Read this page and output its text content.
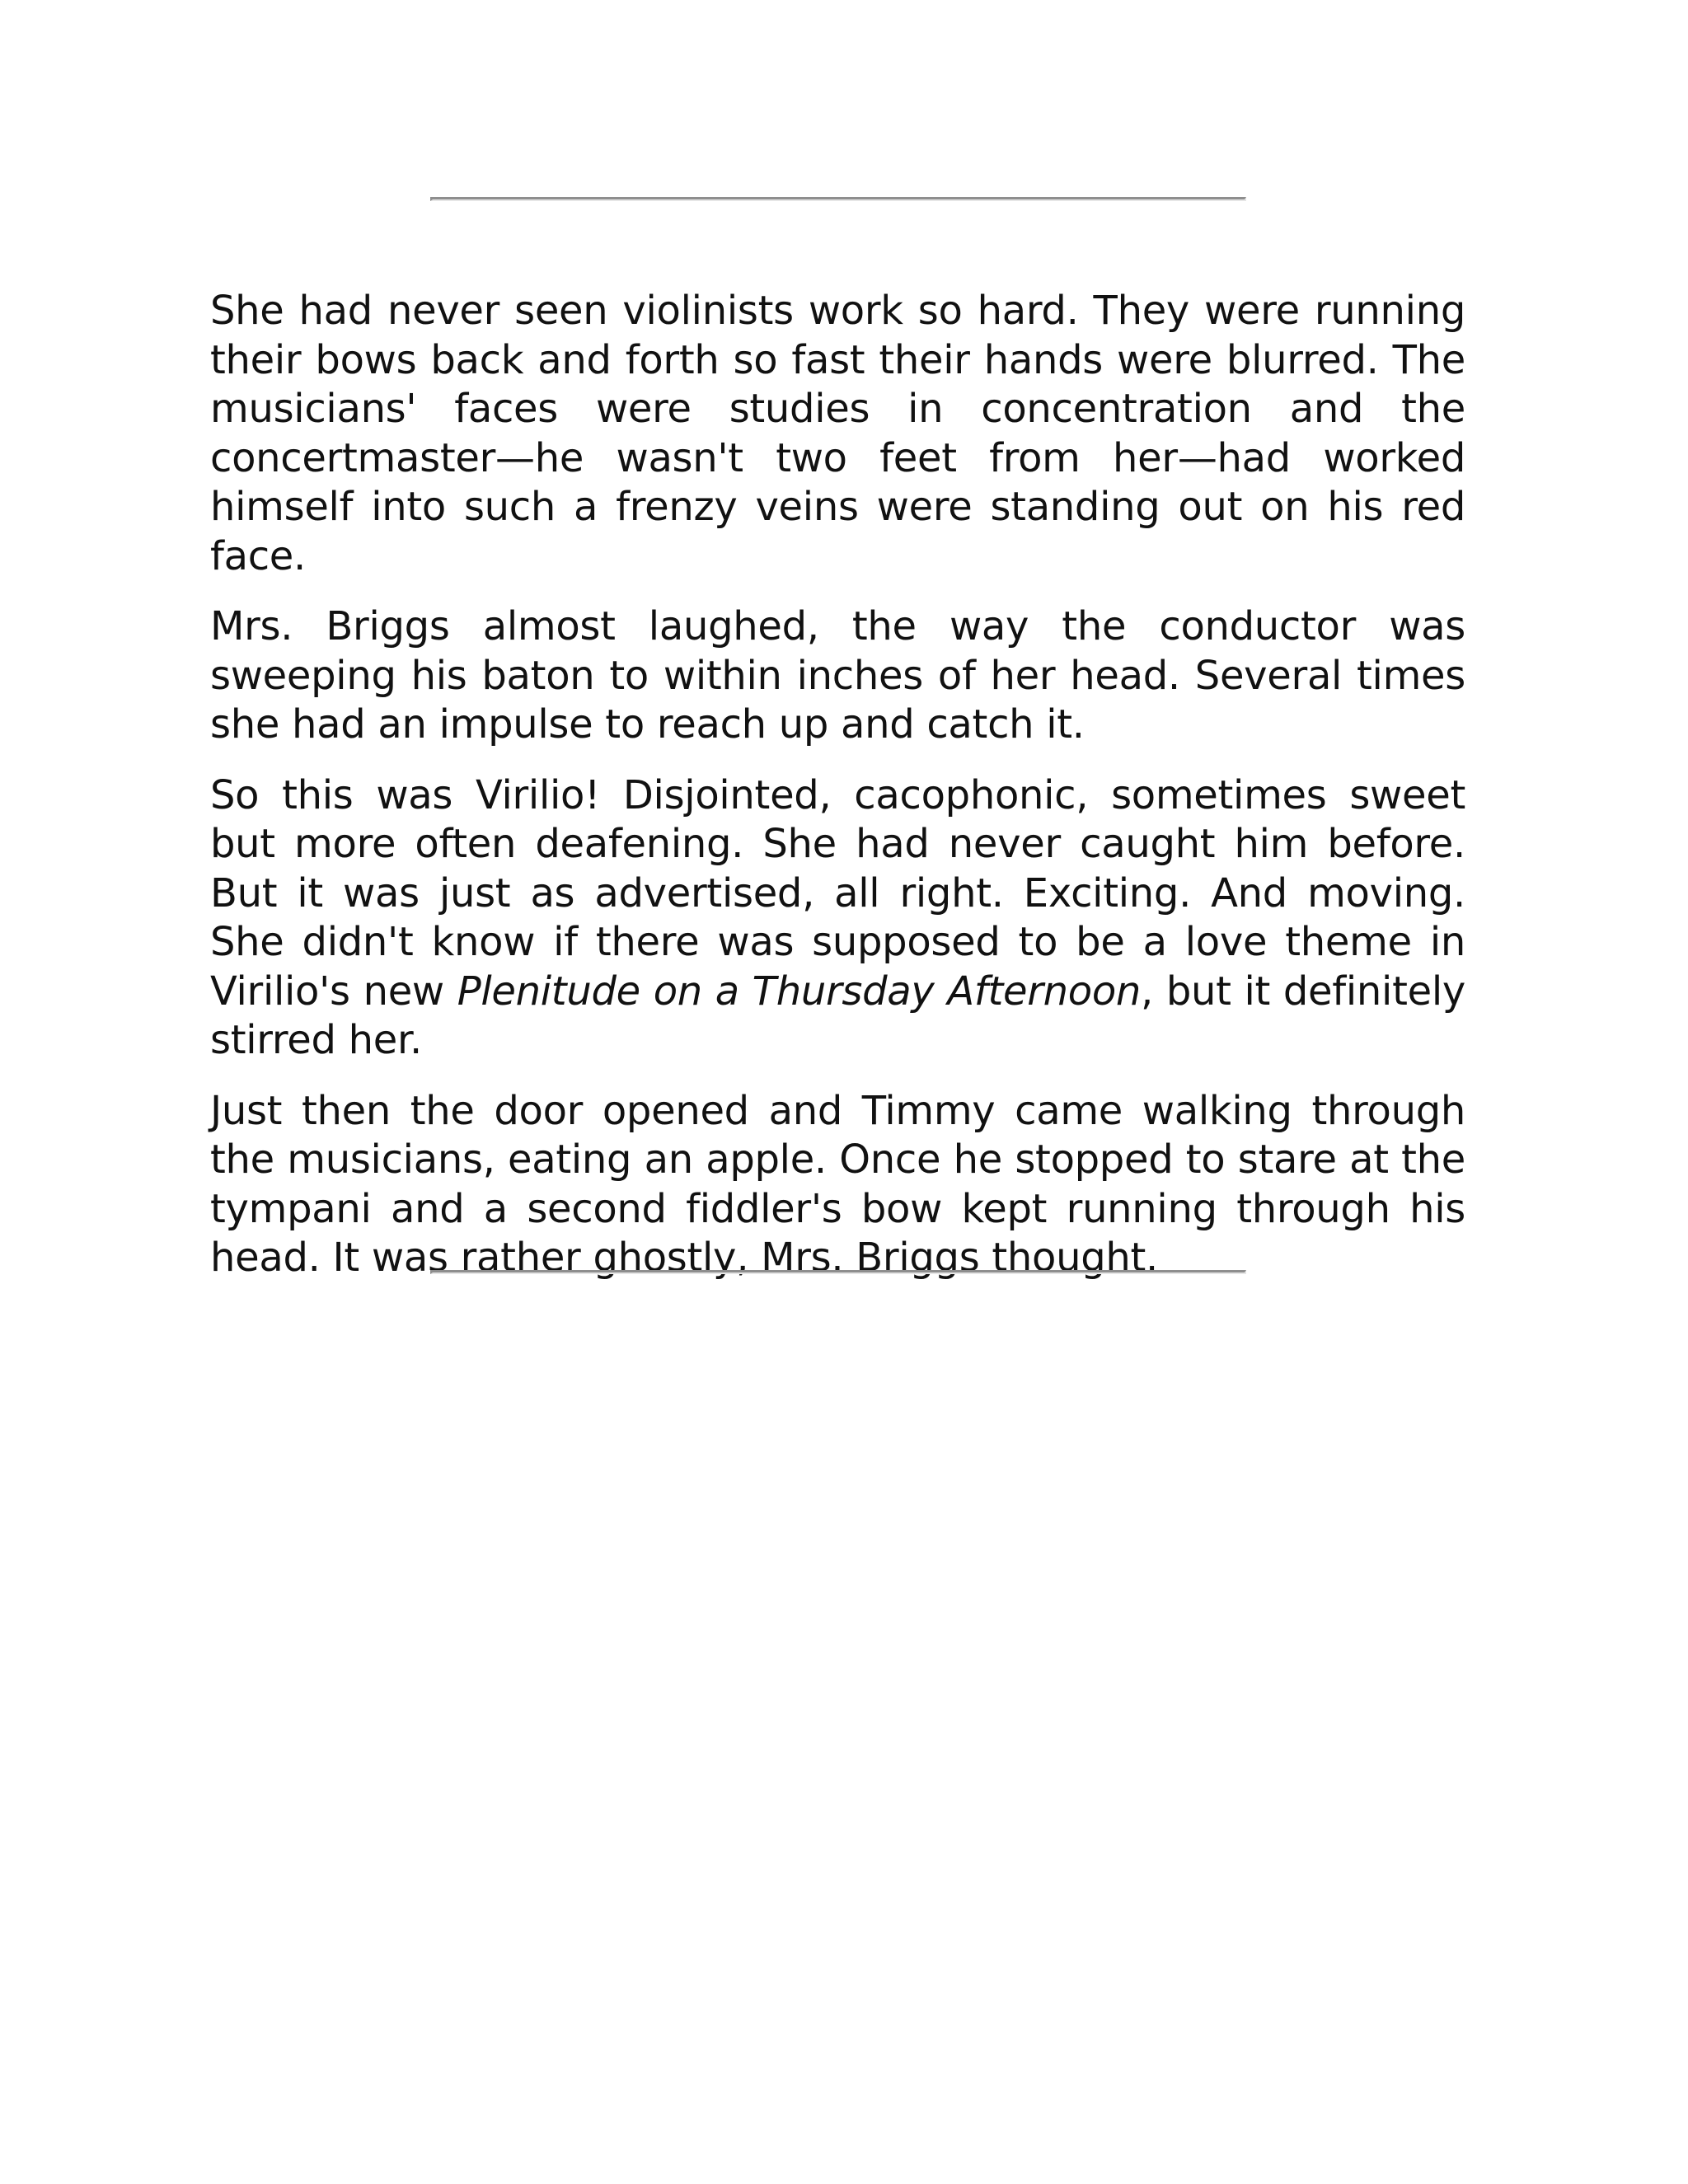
She had never seen violinists work so hard. They were running their bows back and forth so fast their hands were blurred. The musicians' faces were studies in concentration and the concertmaster—he wasn't two feet from her—had worked himself into such a frenzy veins were standing out on his red face.

Mrs. Briggs almost laughed, the way the conductor was sweeping his baton to within inches of her head. Several times she had an impulse to reach up and catch it.

So this was Virilio! Disjointed, cacophonic, sometimes sweet but more often deafening. She had never caught him before. But it was just as advertised, all right. Exciting. And moving. She didn't know if there was supposed to be a love theme in Virilio's new Plenitude on a Thursday Afternoon, but it definitely stirred her.

Just then the door opened and Timmy came walking through the musicians, eating an apple. Once he stopped to stare at the tympani and a second fiddler's bow kept running through his head. It was rather ghostly, Mrs. Briggs thought.
